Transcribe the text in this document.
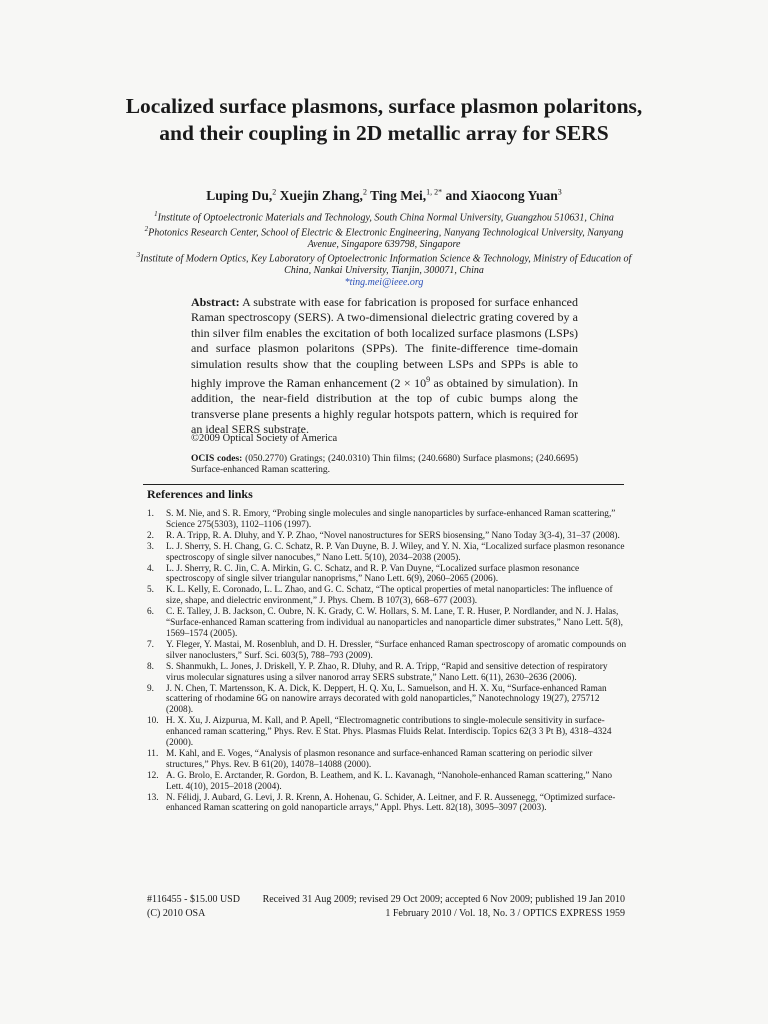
Localized surface plasmons, surface plasmon polaritons, and their coupling in 2D metallic array for SERS
Luping Du,$^2$ Xuejin Zhang,$^2$ Ting Mei,$^{1, 2*}$ and Xiaocong Yuan$^3$
$^1$Institute of Optoelectronic Materials and Technology, South China Normal University, Guangzhou 510631, China
$^2$Photonics Research Center, School of Electric & Electronic Engineering, Nanyang Technological University, Nanyang Avenue, Singapore 639798, Singapore
$^3$Institute of Modern Optics, Key Laboratory of Optoelectronic Information Science & Technology, Ministry of Education of China, Nankai University, Tianjin, 300071, China
*ting.mei@ieee.org
Abstract: A substrate with ease for fabrication is proposed for surface enhanced Raman spectroscopy (SERS). A two-dimensional dielectric grating covered by a thin silver film enables the excitation of both localized surface plasmons (LSPs) and surface plasmon polaritons (SPPs). The finite-difference time-domain simulation results show that the coupling between LSPs and SPPs is able to highly improve the Raman enhancement ($2 \times 10^9$ as obtained by simulation). In addition, the near-field distribution at the top of cubic bumps along the transverse plane presents a highly regular hotspots pattern, which is required for an ideal SERS substrate.
©2009 Optical Society of America
OCIS codes: (050.2770) Gratings; (240.0310) Thin films; (240.6680) Surface plasmons; (240.6695) Surface-enhanced Raman scattering.
References and links
1.	S. M. Nie, and S. R. Emory, “Probing single molecules and single nanoparticles by surface-enhanced Raman scattering,” Science 275(5303), 1102–1106 (1997).
2.	R. A. Tripp, R. A. Dluhy, and Y. P. Zhao, “Novel nanostructures for SERS biosensing,” Nano Today 3(3-4), 31–37 (2008).
3.	L. J. Sherry, S. H. Chang, G. C. Schatz, R. P. Van Duyne, B. J. Wiley, and Y. N. Xia, “Localized surface plasmon resonance spectroscopy of single silver nanocubes,” Nano Lett. 5(10), 2034–2038 (2005).
4.	L. J. Sherry, R. C. Jin, C. A. Mirkin, G. C. Schatz, and R. P. Van Duyne, “Localized surface plasmon resonance spectroscopy of single silver triangular nanoprisms,” Nano Lett. 6(9), 2060–2065 (2006).
5.	K. L. Kelly, E. Coronado, L. L. Zhao, and G. C. Schatz, “The optical properties of metal nanoparticles: The influence of size, shape, and dielectric environment,” J. Phys. Chem. B 107(3), 668–677 (2003).
6.	C. E. Talley, J. B. Jackson, C. Oubre, N. K. Grady, C. W. Hollars, S. M. Lane, T. R. Huser, P. Nordlander, and N. J. Halas, “Surface-enhanced Raman scattering from individual au nanoparticles and nanoparticle dimer substrates,” Nano Lett. 5(8), 1569–1574 (2005).
7.	Y. Fleger, Y. Mastai, M. Rosenbluh, and D. H. Dressler, “Surface enhanced Raman spectroscopy of aromatic compounds on silver nanoclusters,” Surf. Sci. 603(5), 788–793 (2009).
8.	S. Shanmukh, L. Jones, J. Driskell, Y. P. Zhao, R. Dluhy, and R. A. Tripp, “Rapid and sensitive detection of respiratory virus molecular signatures using a silver nanorod array SERS substrate,” Nano Lett. 6(11), 2630–2636 (2006).
9.	J. N. Chen, T. Martensson, K. A. Dick, K. Deppert, H. Q. Xu, L. Samuelson, and H. X. Xu, “Surface-enhanced Raman scattering of rhodamine 6G on nanowire arrays decorated with gold nanoparticles,” Nanotechnology 19(27), 275712 (2008).
10. H. X. Xu, J. Aizpurua, M. Kall, and P. Apell, “Electromagnetic contributions to single-molecule sensitivity in surface-enhanced raman scattering,” Phys. Rev. E Stat. Phys. Plasmas Fluids Relat. Interdiscip. Topics 62(3 3 Pt B), 4318–4324 (2000).
11. M. Kahl, and E. Voges, “Analysis of plasmon resonance and surface-enhanced Raman scattering on periodic silver structures,” Phys. Rev. B 61(20), 14078–14088 (2000).
12. A. G. Brolo, E. Arctander, R. Gordon, B. Leathem, and K. L. Kavanagh, “Nanohole-enhanced Raman scattering,” Nano Lett. 4(10), 2015–2018 (2004).
13. N. Félidj, J. Aubard, G. Levi, J. R. Krenn, A. Hohenau, G. Schider, A. Leitner, and F. R. Aussenegg, “Optimized surface-enhanced Raman scattering on gold nanoparticle arrays,” Appl. Phys. Lett. 82(18), 3095–3097 (2003).
#116455 - $15.00 USD Received 31 Aug 2009; revised 29 Oct 2009; accepted 6 Nov 2009; published 19 Jan 2010
(C) 2010 OSA	1 February 2010 / Vol. 18, No. 3 / OPTICS EXPRESS 1959
